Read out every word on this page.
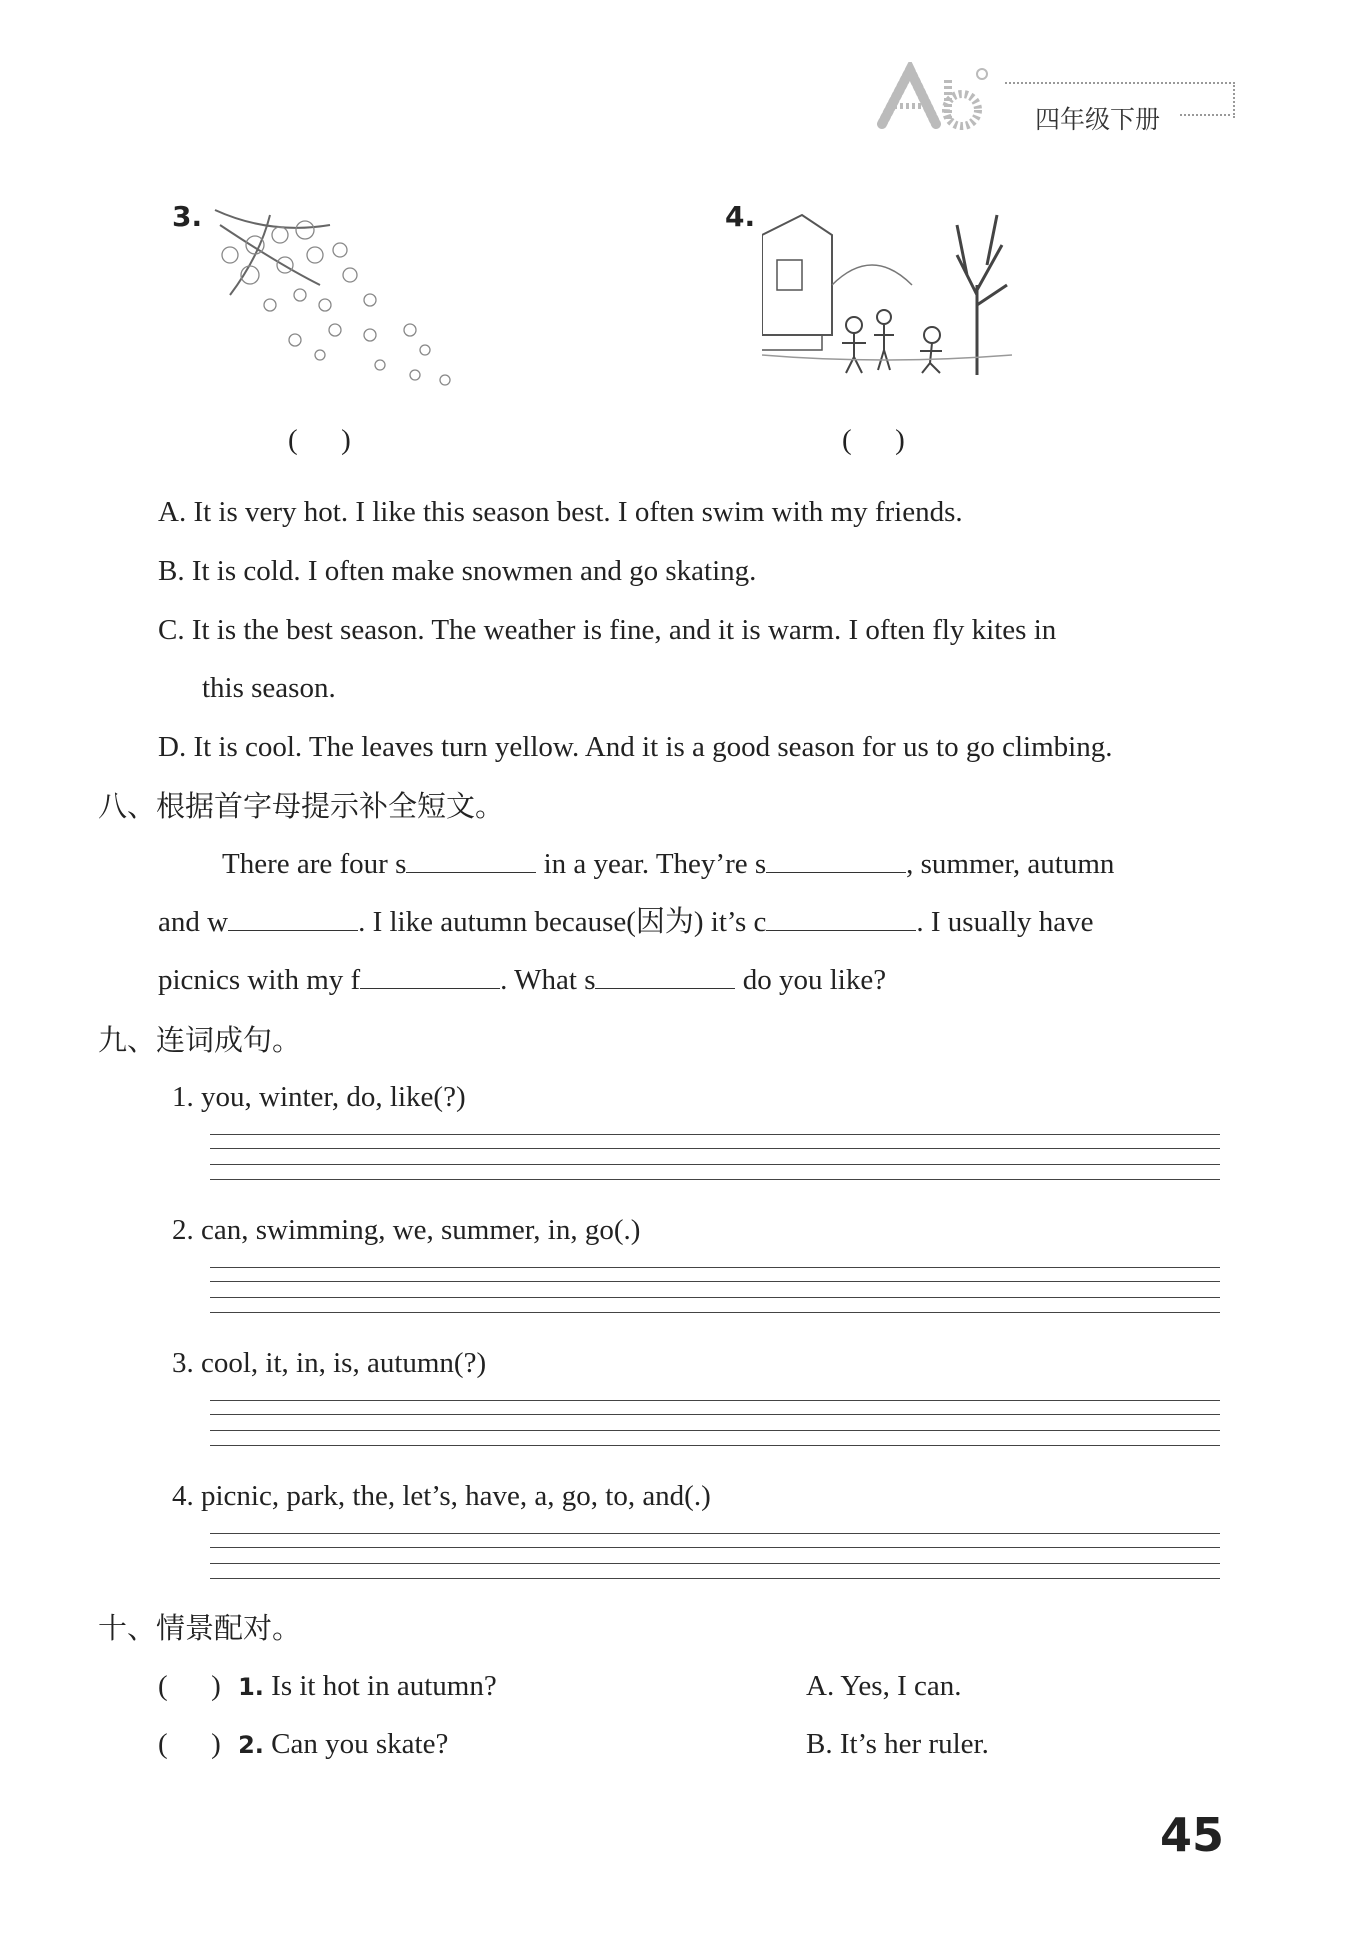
四年级下册
3.
(      )
4.
(      )
A. It is very hot. I like this season best. I often swim with my friends.
B. It is cold. I often make snowmen and go skating.
C. It is the best season. The weather is fine, and it is warm. I often fly kites in
this season.
D. It is cool. The leaves turn yellow. And it is a good season for us to go climbing.
八、根据首字母提示补全短文。
There are four s	in a year. They’re s	, summer, autumn
and w	. I like autumn because(因为) it’s c	. I usually have
picnics with my f	. What s	do you like?
九、连词成句。
1. you, winter, do, like(?)
2. can, swimming, we, summer, in, go(.)
3. cool, it, in, is, autumn(?)
4. picnic, park, the, let’s, have, a, go, to, and(.)
十、情景配对。
(      ) 1. Is it hot in autumn?	A. Yes, I can.
(      ) 2. Can you skate?	B. It’s her ruler.
45
